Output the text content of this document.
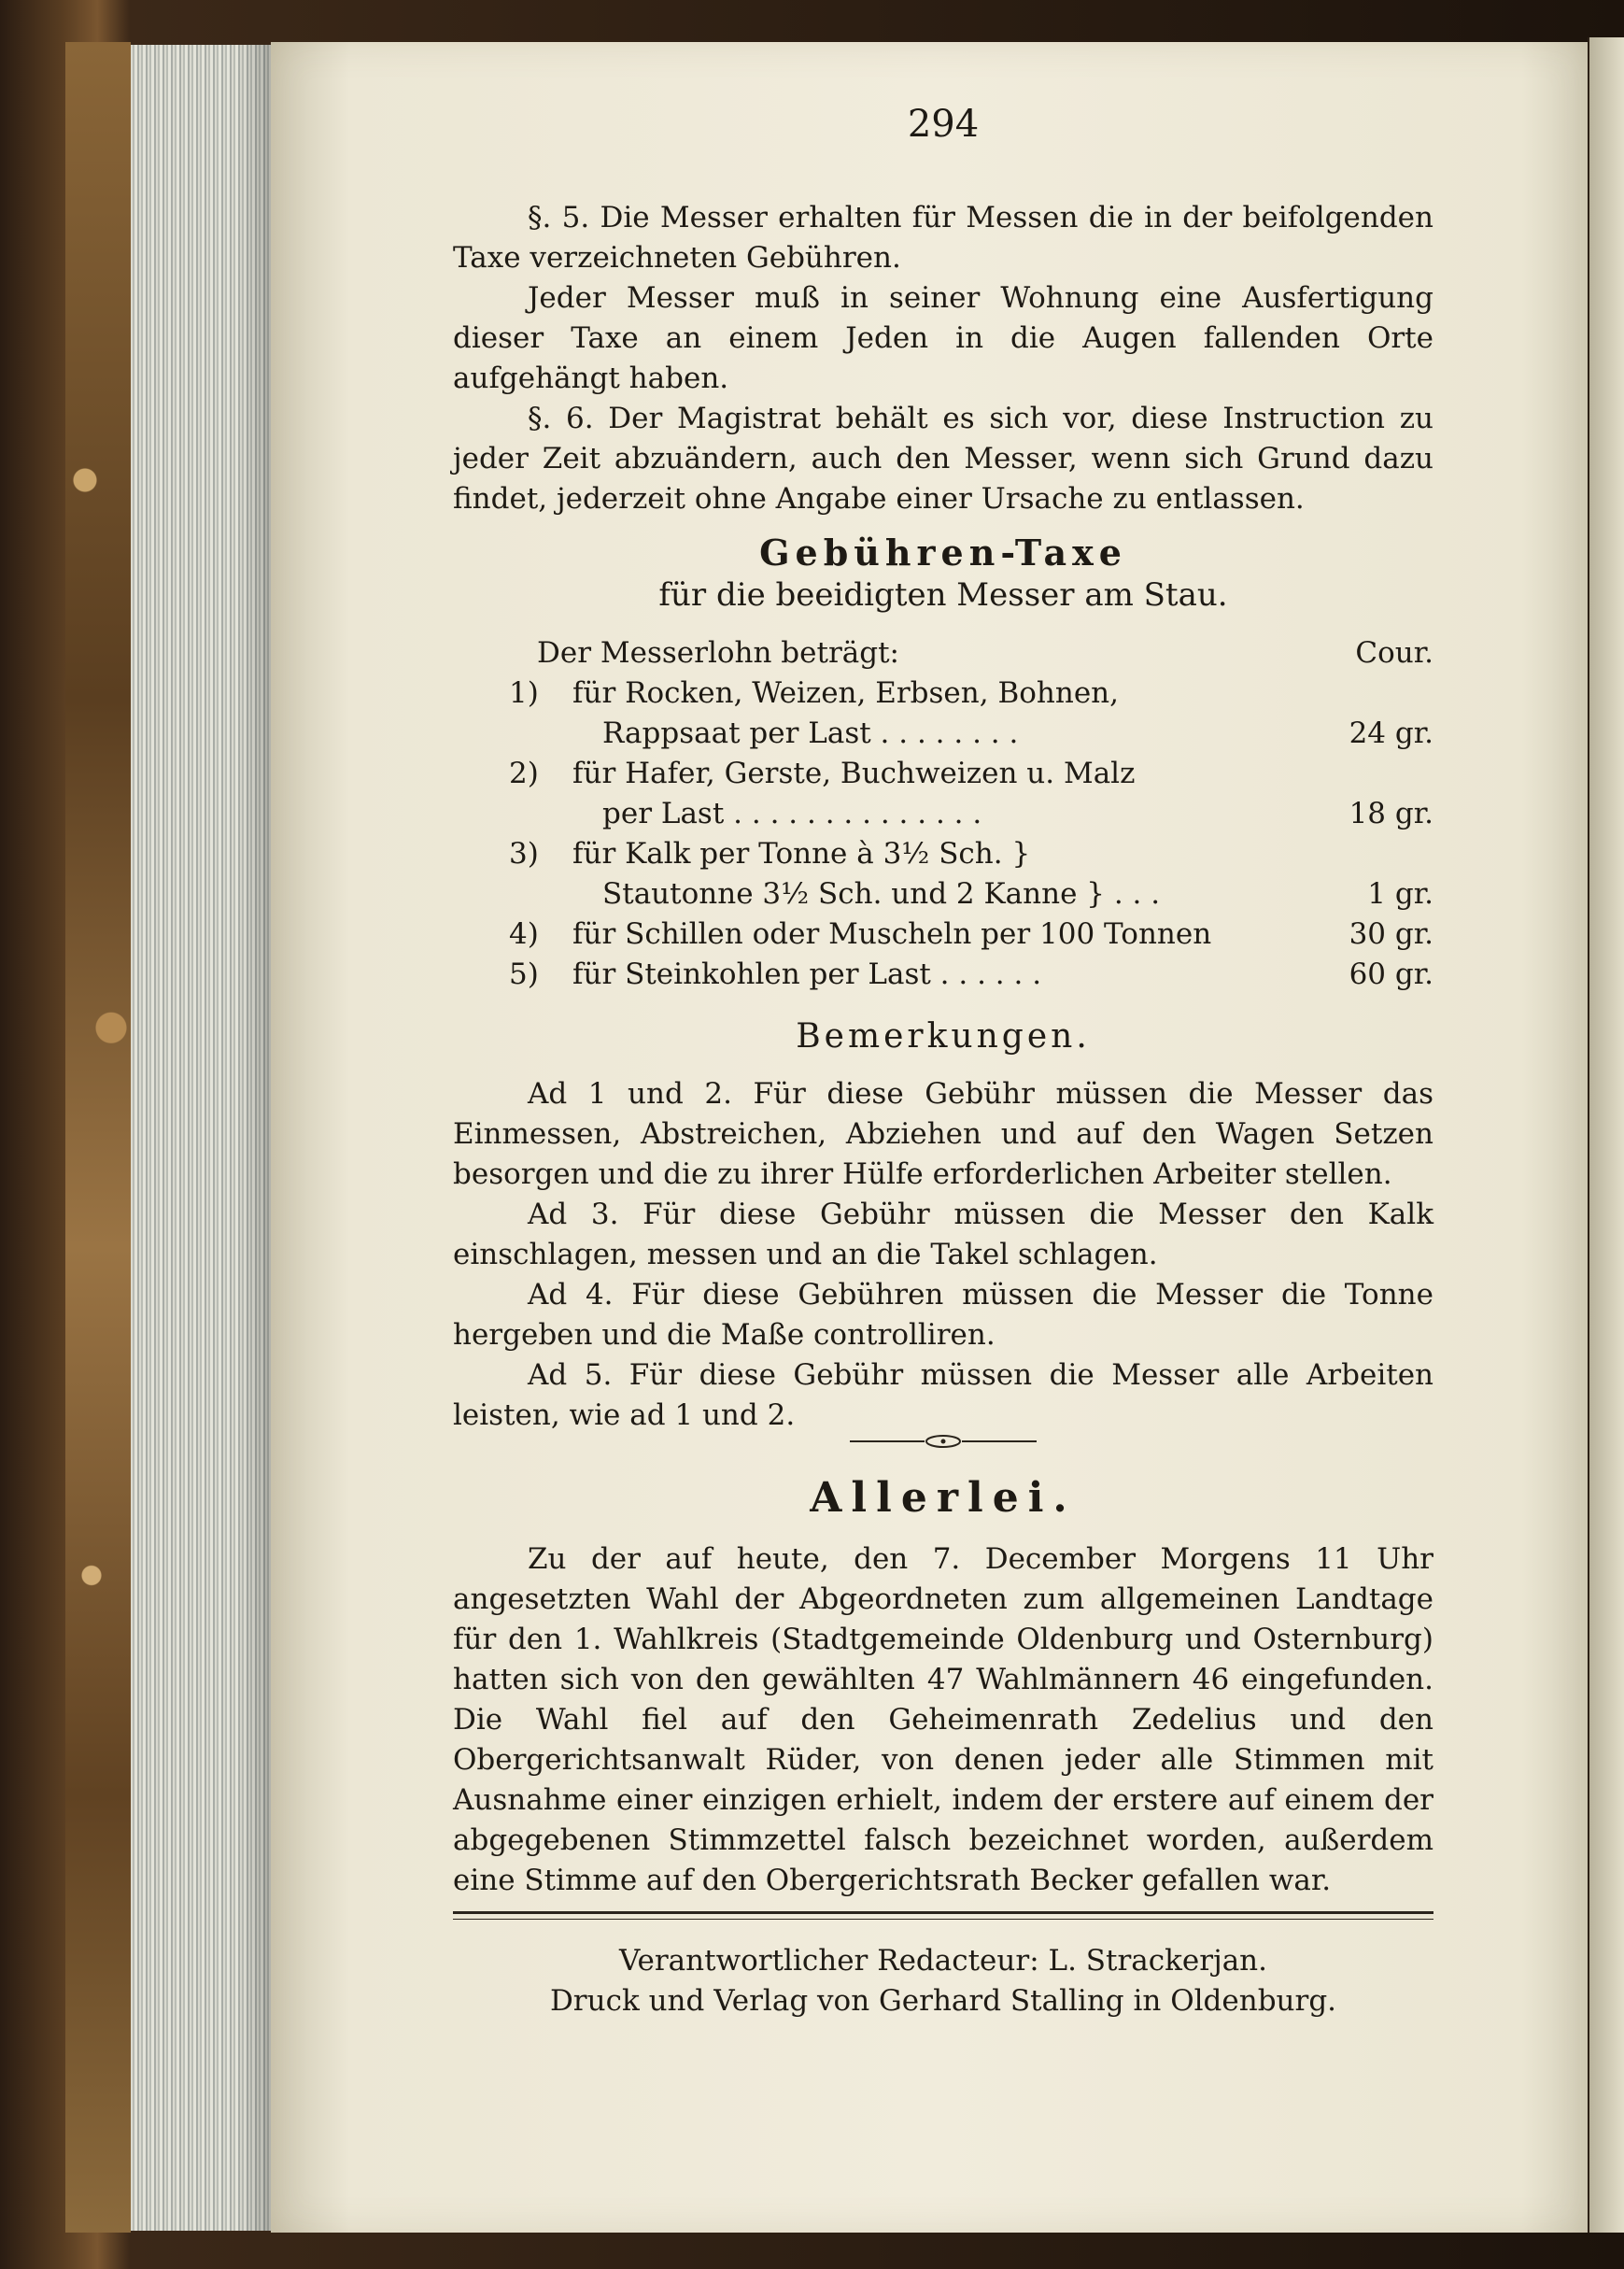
294

§. 5. Die Messer erhalten für Messen die in der beifolgenden Taxe verzeichneten Gebühren.

Jeder Messer muß in seiner Wohnung eine Ausfertigung dieser Taxe an einem Jeden in die Augen fallenden Orte aufgehängt haben.

§. 6. Der Magistrat behält es sich vor, diese Instruction zu jeder Zeit abzuändern, auch den Messer, wenn sich Grund dazu findet, jederzeit ohne Angabe einer Ursache zu entlassen.

Gebühren-Taxe
für die beeidigten Messer am Stau.
Der Messerlohn beträgt:	Cour.
1) für Rocken, Weizen, Erbsen, Bohnen,
Rappsaat per Last . . . . . . . .	24 gr.
2) für Hafer, Gerste, Buchweizen u. Malz
per Last . . . . . . . . . . . . . .	18 gr.
3) für Kalk per Tonne à 3½ Sch. }
Stautonne 3½ Sch. und 2 Kanne } . . .	1 gr.
4) für Schillen oder Muscheln per 100 Tonnen	30 gr.
5) für Steinkohlen per Last . . . . . .	60 gr.
Bemerkungen.

Ad 1 und 2. Für diese Gebühr müssen die Messer das Einmessen, Abstreichen, Abziehen und auf den Wagen Setzen besorgen und die zu ihrer Hülfe erforderlichen Arbeiter stellen.

Ad 3. Für diese Gebühr müssen die Messer den Kalk einschlagen, messen und an die Takel schlagen.

Ad 4. Für diese Gebühren müssen die Messer die Tonne hergeben und die Maße controlliren.

Ad 5. Für diese Gebühr müssen die Messer alle Arbeiten leisten, wie ad 1 und 2.

Allerlei.

Zu der auf heute, den 7. December Morgens 11 Uhr angesetzten Wahl der Abgeordneten zum allgemeinen Landtage für den 1. Wahlkreis (Stadtgemeinde Oldenburg und Osternburg) hatten sich von den gewählten 47 Wahlmännern 46 eingefunden. Die Wahl fiel auf den Geheimenrath Zedelius und den Obergerichtsanwalt Rüder, von denen jeder alle Stimmen mit Ausnahme einer einzigen erhielt, indem der erstere auf einem der abgegebenen Stimmzettel falsch bezeichnet worden, außerdem eine Stimme auf den Obergerichtsrath Becker gefallen war.

Verantwortlicher Redacteur: L. Strackerjan.
Druck und Verlag von Gerhard Stalling in Oldenburg.
